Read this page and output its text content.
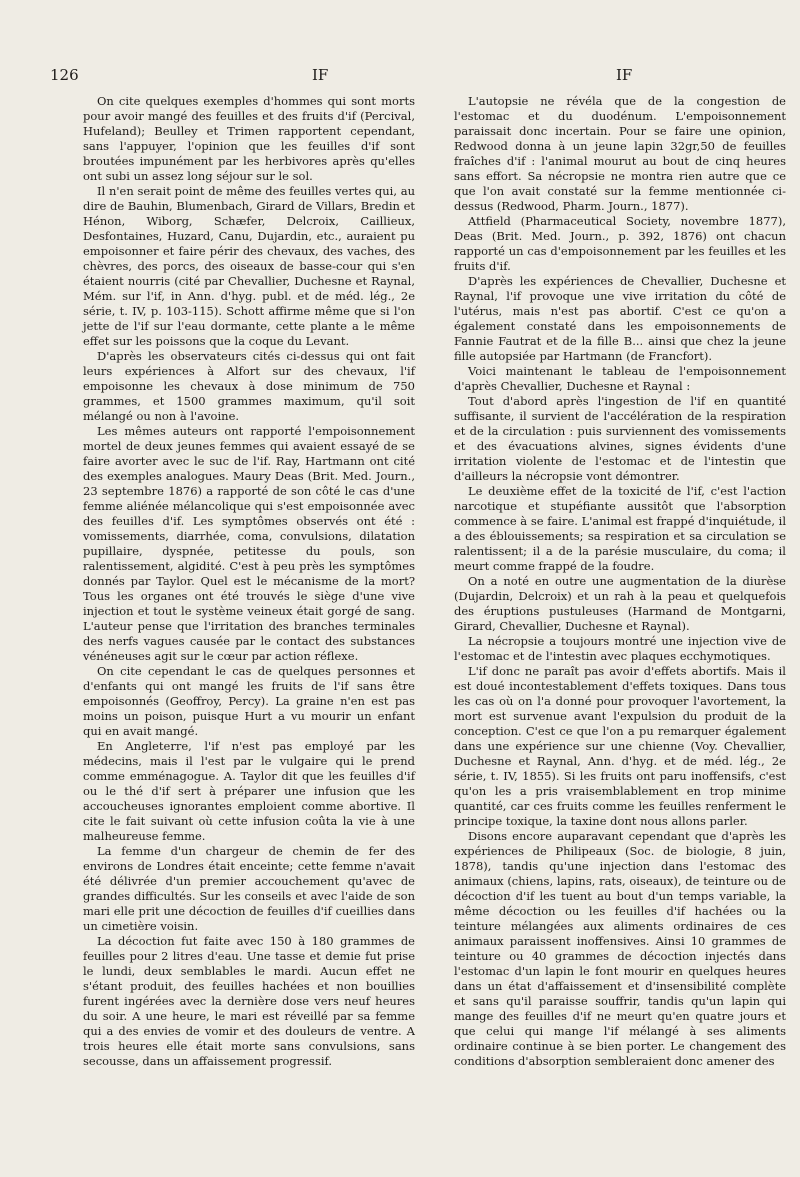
126	IF	IF

On cite quelques exemples d'hommes qui sont morts pour avoir mangé des feuilles et des fruits d'if (Percival, Hufeland); Beulley et Trimen rapportent cependant, sans l'appuyer, l'opinion que les feuilles d'if sont broutées impunément par les herbivores après qu'elles ont subi un assez long séjour sur le sol.

Il n'en serait point de même des feuilles vertes qui, au dire de Bauhin, Blumenbach, Girard de Villars, Bredin et Hénon, Wiborg, Schæfer, Delcroix, Caillieux, Desfontaines, Huzard, Canu, Dujardin, etc., auraient pu empoisonner et faire périr des chevaux, des vaches, des chèvres, des porcs, des oiseaux de basse-cour qui s'en étaient nourris (cité par Chevallier, Duchesne et Raynal, Mém. sur l'if, in Ann. d'hyg. publ. et de méd. lég., 2e série, t. IV, p. 103-115). Schott affirme même que si l'on jette de l'if sur l'eau dormante, cette plante a le même effet sur les poissons que la coque du Levant.

D'après les observateurs cités ci-dessus qui ont fait leurs expériences à Alfort sur des chevaux, l'if empoisonne les chevaux à dose minimum de 750 grammes, et 1500 grammes maximum, qu'il soit mélangé ou non à l'avoine.

Les mêmes auteurs ont rapporté l'empoisonnement mortel de deux jeunes femmes qui avaient essayé de se faire avorter avec le suc de l'if. Ray, Hartmann ont cité des exemples analogues. Maury Deas (Brit. Med. Journ., 23 septembre 1876) a rapporté de son côté le cas d'une femme aliénée mélancolique qui s'est empoisonnée avec des feuilles d'if. Les symptômes observés ont été : vomissements, diarrhée, coma, convulsions, dilatation pupillaire, dyspnée, petitesse du pouls, son ralentissement, algidité. C'est à peu près les symptômes donnés par Taylor. Quel est le mécanisme de la mort? Tous les organes ont été trouvés le siège d'une vive injection et tout le système veineux était gorgé de sang. L'auteur pense que l'irritation des branches terminales des nerfs vagues causée par le contact des substances vénéneuses agit sur le cœur par action réflexe.

On cite cependant le cas de quelques personnes et d'enfants qui ont mangé les fruits de l'if sans être empoisonnés (Geoffroy, Percy). La graine n'en est pas moins un poison, puisque Hurt a vu mourir un enfant qui en avait mangé.

En Angleterre, l'if n'est pas employé par les médecins, mais il l'est par le vulgaire qui le prend comme emménagogue. A. Taylor dit que les feuilles d'if ou le thé d'if sert à préparer une infusion que les accoucheuses ignorantes emploient comme abortive. Il cite le fait suivant où cette infusion coûta la vie à une malheureuse femme.

La femme d'un chargeur de chemin de fer des environs de Londres était enceinte; cette femme n'avait été délivrée d'un premier accouchement qu'avec de grandes difficultés. Sur les conseils et avec l'aide de son mari elle prit une décoction de feuilles d'if cueillies dans un cimetière voisin.

La décoction fut faite avec 150 à 180 grammes de feuilles pour 2 litres d'eau. Une tasse et demie fut prise le lundi, deux semblables le mardi. Aucun effet ne s'étant produit, des feuilles hachées et non bouillies furent ingérées avec la dernière dose vers neuf heures du soir. A une heure, le mari est réveillé par sa femme qui a des envies de vomir et des douleurs de ventre. A trois heures elle était morte sans convulsions, sans secousse, dans un affaissement progressif.

L'autopsie ne révéla que de la congestion de l'estomac et du duodénum. L'empoisonnement paraissait donc incertain. Pour se faire une opinion, Redwood donna à un jeune lapin 32gr,50 de feuilles fraîches d'if : l'animal mourut au bout de cinq heures sans effort. Sa nécropsie ne montra rien autre que ce que l'on avait constaté sur la femme mentionnée ci-dessus (Redwood, Pharm. Journ., 1877).

Attfield (Pharmaceutical Society, novembre 1877), Deas (Brit. Med. Journ., p. 392, 1876) ont chacun rapporté un cas d'empoisonnement par les feuilles et les fruits d'if.

D'après les expériences de Chevallier, Duchesne et Raynal, l'if provoque une vive irritation du côté de l'utérus, mais n'est pas abortif. C'est ce qu'on a également constaté dans les empoisonnements de Fannie Fautrat et de la fille B... ainsi que chez la jeune fille autopsiée par Hartmann (de Francfort).

Voici maintenant le tableau de l'empoisonnement d'après Chevallier, Duchesne et Raynal :

Tout d'abord après l'ingestion de l'if en quantité suffisante, il survient de l'accélération de la respiration et de la circulation : puis surviennent des vomissements et des évacuations alvines, signes évidents d'une irritation violente de l'estomac et de l'intestin que d'ailleurs la nécropsie vont démontrer.

Le deuxième effet de la toxicité de l'if, c'est l'action narcotique et stupéfiante aussitôt que l'absorption commence à se faire. L'animal est frappé d'inquiétude, il a des éblouissements; sa respiration et sa circulation se ralentissent; il a de la parésie musculaire, du coma; il meurt comme frappé de la foudre.

On a noté en outre une augmentation de la diurèse (Dujardin, Delcroix) et un rah à la peau et quelquefois des éruptions pustuleuses (Harmand de Montgarni, Girard, Chevallier, Duchesne et Raynal).

La nécropsie a toujours montré une injection vive de l'estomac et de l'intestin avec plaques ecchymotiques.

L'if donc ne paraît pas avoir d'effets abortifs. Mais il est doué incontestablement d'effets toxiques. Dans tous les cas où on l'a donné pour provoquer l'avortement, la mort est survenue avant l'expulsion du produit de la conception. C'est ce que l'on a pu remarquer également dans une expérience sur une chienne (Voy. Chevallier, Duchesne et Raynal, Ann. d'hyg. et de méd. lég., 2e série, t. IV, 1855). Si les fruits ont paru inoffensifs, c'est qu'on les a pris vraisemblablement en trop minime quantité, car ces fruits comme les feuilles renferment le principe toxique, la taxine dont nous allons parler.

Disons encore auparavant cependant que d'après les expériences de Philipeaux (Soc. de biologie, 8 juin, 1878), tandis qu'une injection dans l'estomac des animaux (chiens, lapins, rats, oiseaux), de teinture ou de décoction d'if les tuent au bout d'un temps variable, la même décoction ou les feuilles d'if hachées ou la teinture mélangées aux aliments ordinaires de ces animaux paraissent inoffensives. Ainsi 10 grammes de teinture ou 40 grammes de décoction injectés dans l'estomac d'un lapin le font mourir en quelques heures dans un état d'affaissement et d'insensibilité complète et sans qu'il paraisse souffrir, tandis qu'un lapin qui mange des feuilles d'if ne meurt qu'en quatre jours et que celui qui mange l'if mélangé à ses aliments ordinaire continue à se bien porter. Le changement des conditions d'absorption sembleraient donc amener des
